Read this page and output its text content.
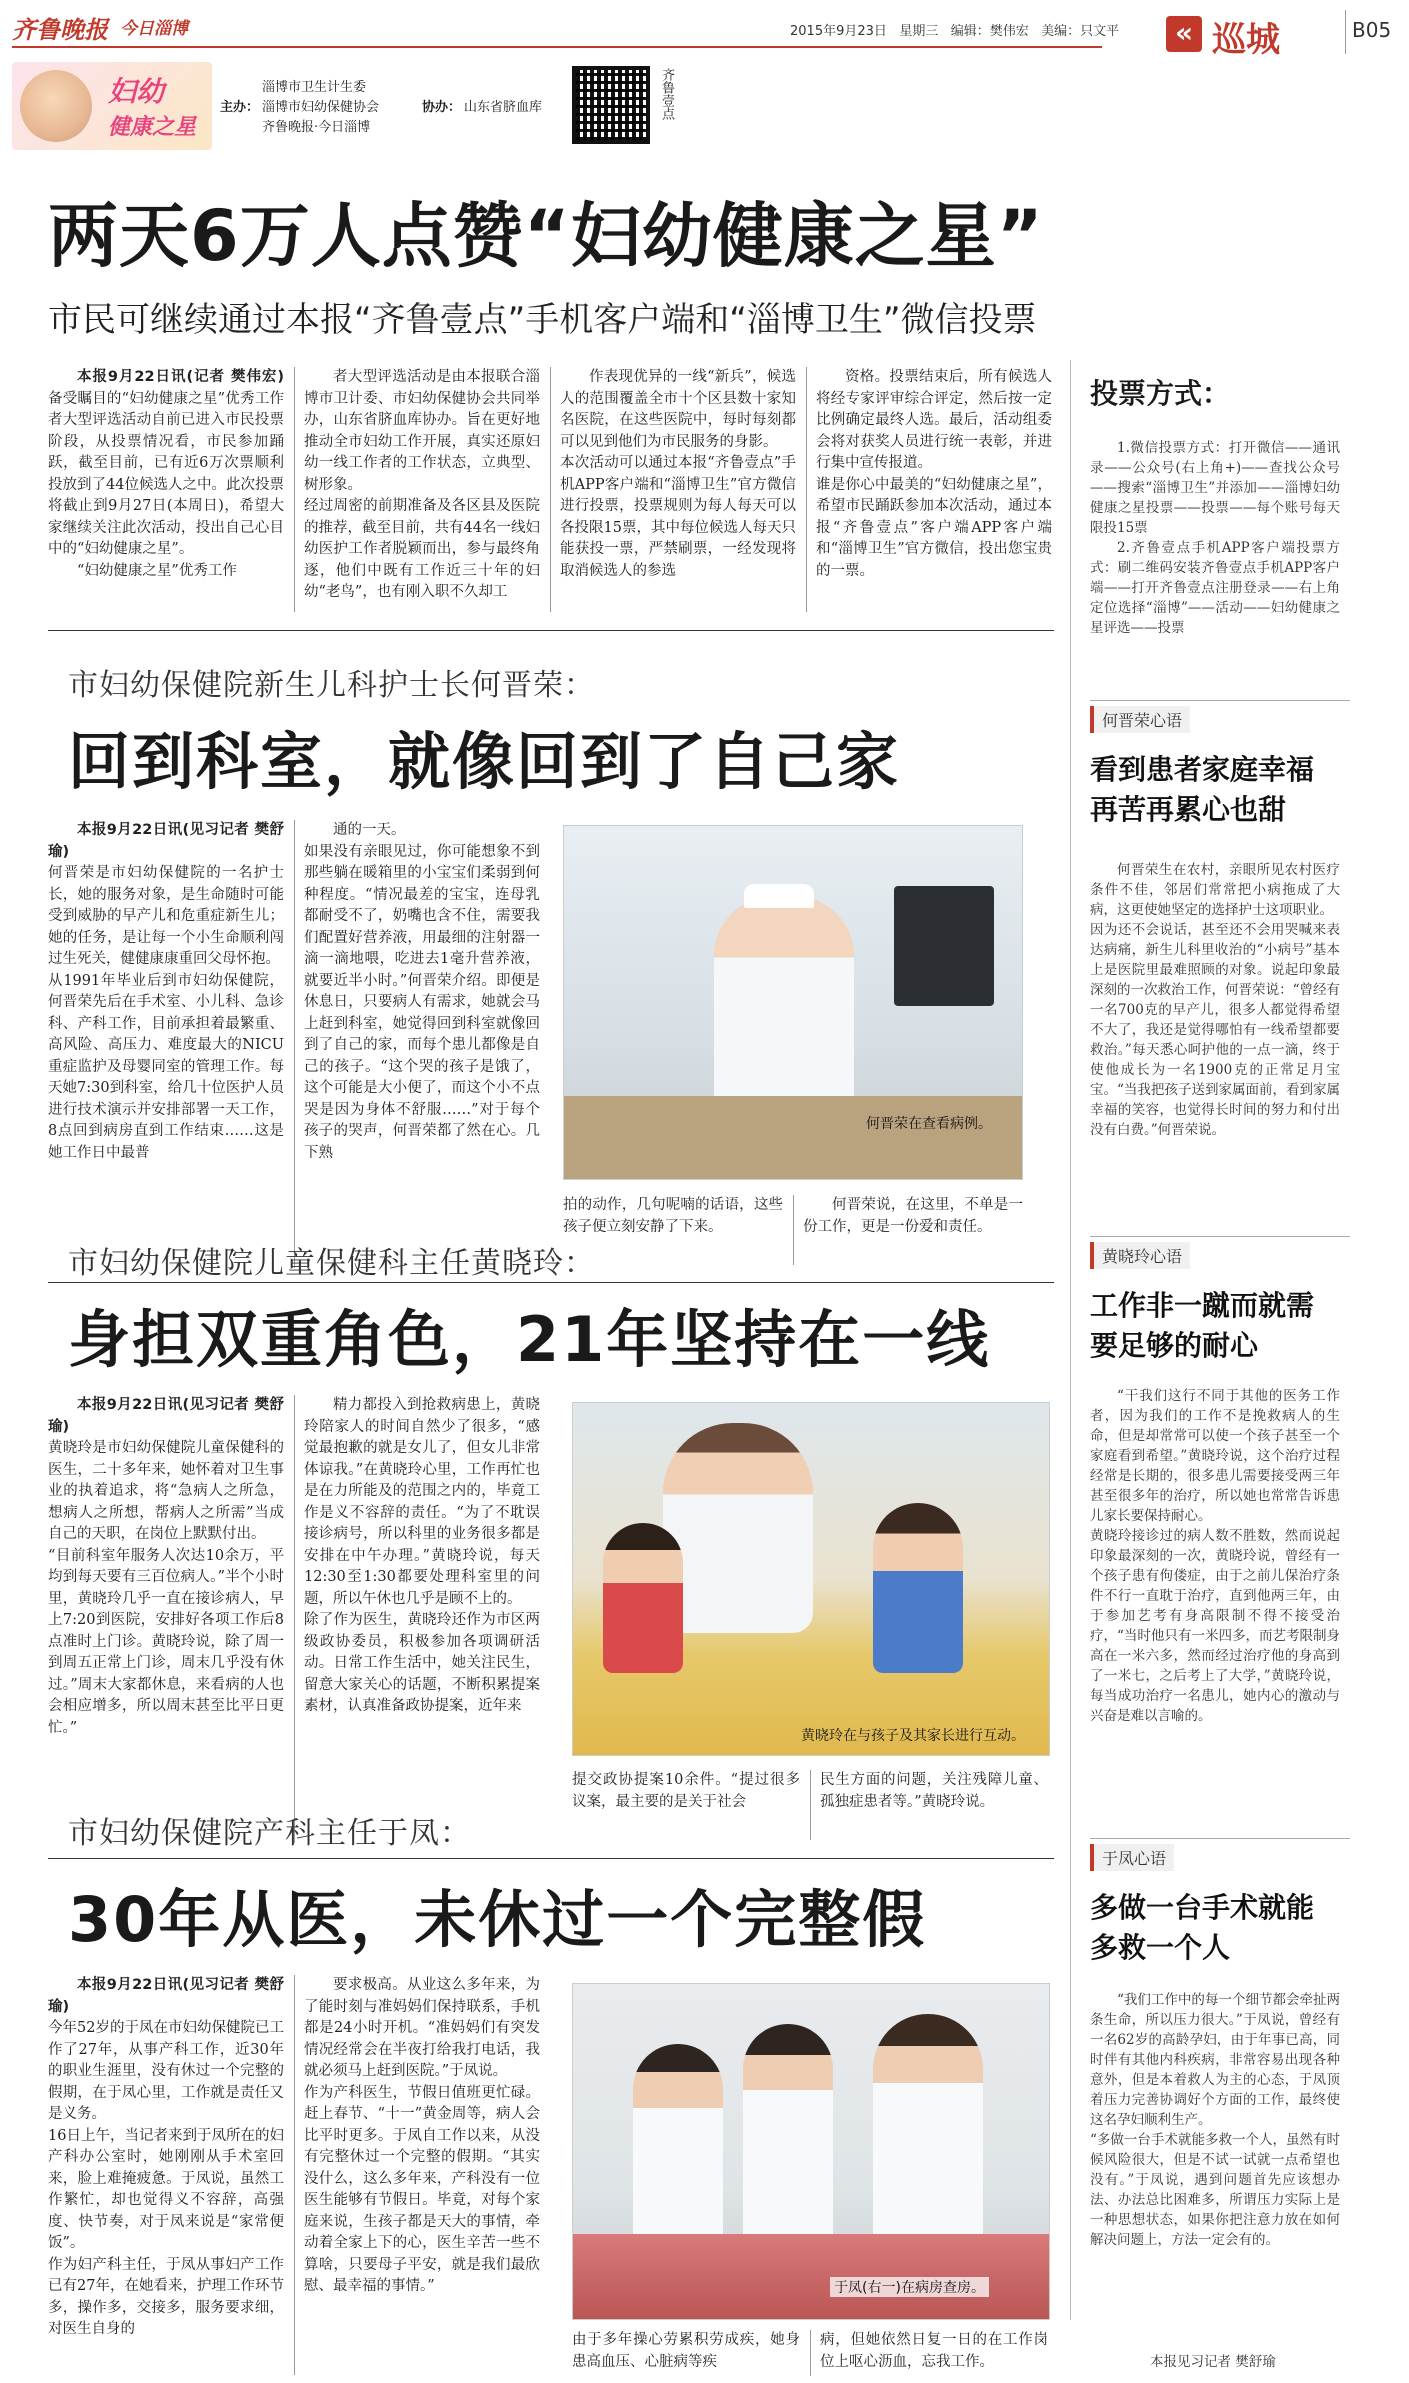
齐鲁晚报 今日淄博	2015年9月23日 星期三 编辑：樊伟宏 美编：只文平	« 巡城	B05
妇幼
健康之星
主办：
淄博市卫生计生委
淄博市妇幼保健协会
齐鲁晚报·今日淄博
协办： 山东省脐血库	齐鲁壹点
两天6万人点赞“妇幼健康之星”
市民可继续通过本报“齐鲁壹点”手机客户端和“淄博卫生”微信投票

本报9月22日讯(记者 樊伟宏) 备受瞩目的“妇幼健康之星”优秀工作者大型评选活动自前已进入市民投票阶段，从投票情况看，市民参加踊跃，截至目前，已有近6万次票顺利投放到了44位候选人之中。此次投票将截止到9月27日(本周日)，希望大家继续关注此次活动，投出自己心目中的“妇幼健康之星”。

“妇幼健康之星”优秀工作

者大型评选活动是由本报联合淄博市卫计委、市妇幼保健协会共同举办，山东省脐血库协办。旨在更好地推动全市妇幼工作开展，真实还原妇幼一线工作者的工作状态，立典型、树形象。
经过周密的前期准备及各区县及医院的推荐，截至目前，共有44名一线妇幼医护工作者脱颖而出，参与最终角逐，他们中既有工作近三十年的妇幼“老鸟”，也有刚入职不久却工
作表现优异的一线“新兵”，候选人的范围覆盖全市十个区县数十家知名医院，在这些医院中，每时每刻都可以见到他们为市民服务的身影。
本次活动可以通过本报“齐鲁壹点”手机APP客户端和“淄博卫生”官方微信进行投票，投票规则为每人每天可以各投限15票，其中每位候选人每天只能获投一票，严禁刷票，一经发现将取消候选人的参选
资格。投票结束后，所有候选人将经专家评审综合评定，然后按一定比例确定最终人选。最后，活动组委会将对获奖人员进行统一表彰，并进行集中宣传报道。
谁是你心中最美的“妇幼健康之星”，希望市民踊跃参加本次活动，通过本报“齐鲁壹点”客户端APP客户端和“淄博卫生”官方微信，投出您宝贵的一票。
投票方式：
1.微信投票方式：打开微信——通讯录——公众号(右上角+)——查找公众号——搜索“淄博卫生”并添加——淄博妇幼健康之星投票——投票——每个账号每天限投15票
2.齐鲁壹点手机APP客户端投票方式：刷二维码安装齐鲁壹点手机APP客户端——打开齐鲁壹点注册登录——右上角定位选择“淄博”——活动——妇幼健康之星评选——投票
市妇幼保健院新生儿科护士长何晋荣：
回到科室，就像回到了自己家

本报9月22日讯(见习记者 樊舒瑜)

何晋荣是市妇幼保健院的一名护士长，她的服务对象，是生命随时可能受到威胁的早产儿和危重症新生儿；她的任务，是让每一个小生命顺利闯过生死关，健健康康重回父母怀抱。
从1991年毕业后到市妇幼保健院，何晋荣先后在手术室、小儿科、急诊科、产科工作，目前承担着最繁重、高风险、高压力、难度最大的NICU重症监护及母婴同室的管理工作。每天她7:30到科室，给几十位医护人员进行技术演示并安排部署一天工作，8点回到病房直到工作结束……这是她工作日中最普

通的一天。
如果没有亲眼见过，你可能想象不到那些躺在暖箱里的小宝宝们柔弱到何种程度。“情况最差的宝宝，连母乳都耐受不了，奶嘴也含不住，需要我们配置好营养液，用最细的注射器一滴一滴地喂，吃进去1毫升营养液，就要近半小时。”何晋荣介绍。即便是休息日，只要病人有需求，她就会马上赶到科室，她觉得回到科室就像回到了自己的家，而每个患儿都像是自己的孩子。“这个哭的孩子是饿了，这个可能是大小便了，而这个小不点哭是因为身体不舒服……”对于每个孩子的哭声，何晋荣都了然在心。几下熟
何晋荣在查看病例。
拍的动作，几句呢喃的话语，这些孩子便立刻安静了下来。
何晋荣说，在这里，不单是一份工作，更是一份爱和责任。
何晋荣心语
看到患者家庭幸福再苦再累心也甜
何晋荣生在农村，亲眼所见农村医疗条件不佳，邻居们常常把小病拖成了大病，这更使她坚定的选择护士这项职业。
因为还不会说话，甚至还不会用哭喊来表达病痛，新生儿科里收治的“小病号”基本上是医院里最难照顾的对象。说起印象最深刻的一次救治工作，何晋荣说：“曾经有一名700克的早产儿，很多人都觉得希望不大了，我还是觉得哪怕有一线希望都要救治。”每天悉心呵护他的一点一滴，终于使他成长为一名1900克的正常足月宝宝。“当我把孩子送到家属面前，看到家属幸福的笑容，也觉得长时间的努力和付出没有白费。”何晋荣说。
市妇幼保健院儿童保健科主任黄晓玲：
身担双重角色，21年坚持在一线

本报9月22日讯(见习记者 樊舒瑜)

黄晓玲是市妇幼保健院儿童保健科的医生，二十多年来，她怀着对卫生事业的执着追求，将“急病人之所急，想病人之所想，帮病人之所需”当成自己的天职，在岗位上默默付出。
“目前科室年服务人次达10余万，平均到每天要有三百位病人。”半个小时里，黄晓玲几乎一直在接诊病人，早上7:20到医院，安排好各项工作后8点准时上门诊。黄晓玲说，除了周一到周五正常上门诊，周末几乎没有休过。”周末大家都休息，来看病的人也会相应增多，所以周末甚至比平日更忙。”

精力都投入到抢救病患上，黄晓玲陪家人的时间自然少了很多，“感觉最抱歉的就是女儿了，但女儿非常体谅我。”在黄晓玲心里，工作再忙也是在力所能及的范围之内的，毕竟工作是义不容辞的责任。“为了不耽误接诊病号，所以科里的业务很多都是安排在中午办理。”黄晓玲说，每天12:30至1:30都要处理科室里的问题，所以午休也几乎是顾不上的。
除了作为医生，黄晓玲还作为市区两级政协委员，积极参加各项调研活动。日常工作生活中，她关注民生，留意大家关心的话题，不断积累提案素材，认真准备政协提案，近年来
黄晓玲在与孩子及其家长进行互动。
提交政协提案10余件。“提过很多议案，最主要的是关于社会
民生方面的问题，关注残障儿童、孤独症患者等。”黄晓玲说。
黄晓玲心语
工作非一蹴而就需要足够的耐心
“干我们这行不同于其他的医务工作者，因为我们的工作不是挽救病人的生命，但是却常常可以使一个孩子甚至一个家庭看到希望。”黄晓玲说，这个治疗过程经常是长期的，很多患儿需要接受两三年甚至很多年的治疗，所以她也常常告诉患儿家长要保持耐心。
黄晓玲接诊过的病人数不胜数，然而说起印象最深刻的一次，黄晓玲说，曾经有一个孩子患有佝偻症，由于之前儿保治疗条件不行一直耽于治疗，直到他两三年，由于参加艺考有身高限制不得不接受治疗，“当时他只有一米四多，而艺考限制身高在一米六多，然而经过治疗他的身高到了一米七，之后考上了大学，”黄晓玲说，每当成功治疗一名患儿，她内心的激动与兴奋是难以言喻的。
市妇幼保健院产科主任于凤：
30年从医，未休过一个完整假

本报9月22日讯(见习记者 樊舒瑜)

今年52岁的于凤在市妇幼保健院已工作了27年，从事产科工作，近30年的职业生涯里，没有休过一个完整的假期，在于凤心里，工作就是责任又是义务。
16日上午，当记者来到于凤所在的妇产科办公室时，她刚刚从手术室回来，脸上难掩疲惫。于凤说，虽然工作繁忙，却也觉得义不容辞，高强度、快节奏，对于凤来说是“家常便饭”。
作为妇产科主任，于凤从事妇产工作已有27年，在她看来，护理工作环节多，操作多，交接多，服务要求细，对医生自身的

要求极高。从业这么多年来，为了能时刻与准妈妈们保持联系，手机都是24小时开机。“准妈妈们有突发情况经常会在半夜打给我打电话，我就必须马上赶到医院。”于凤说。
作为产科医生，节假日值班更忙碌。赶上春节、“十一”黄金周等，病人会比平时更多。于凤自工作以来，从没有完整休过一个完整的假期。“其实没什么，这么多年来，产科没有一位医生能够有节假日。毕竟，对每个家庭来说，生孩子都是天大的事情，牵动着全家上下的心，医生辛苦一些不算啥，只要母子平安，就是我们最欣慰、最幸福的事情。”	于凤(右一)在病房查房。
由于多年操心劳累积劳成疾，她身患高血压、心脏病等疾
病，但她依然日复一日的在工作岗位上呕心沥血，忘我工作。
于凤心语
多做一台手术就能多救一个人
“我们工作中的每一个细节都会牵扯两条生命，所以压力很大。”于凤说，曾经有一名62岁的高龄孕妇，由于年事已高，同时伴有其他内科疾病，非常容易出现各种意外，但是本着救人为主的心态，于凤顶着压力完善协调好个方面的工作，最终使这名孕妇顺利生产。
“多做一台手术就能多救一个人，虽然有时候风险很大，但是不试一试就一点希望也没有。”于凤说，遇到问题首先应该想办法、办法总比困难多，所谓压力实际上是一种思想状态，如果你把注意力放在如何解决问题上，方法一定会有的。
本报见习记者 樊舒瑜
